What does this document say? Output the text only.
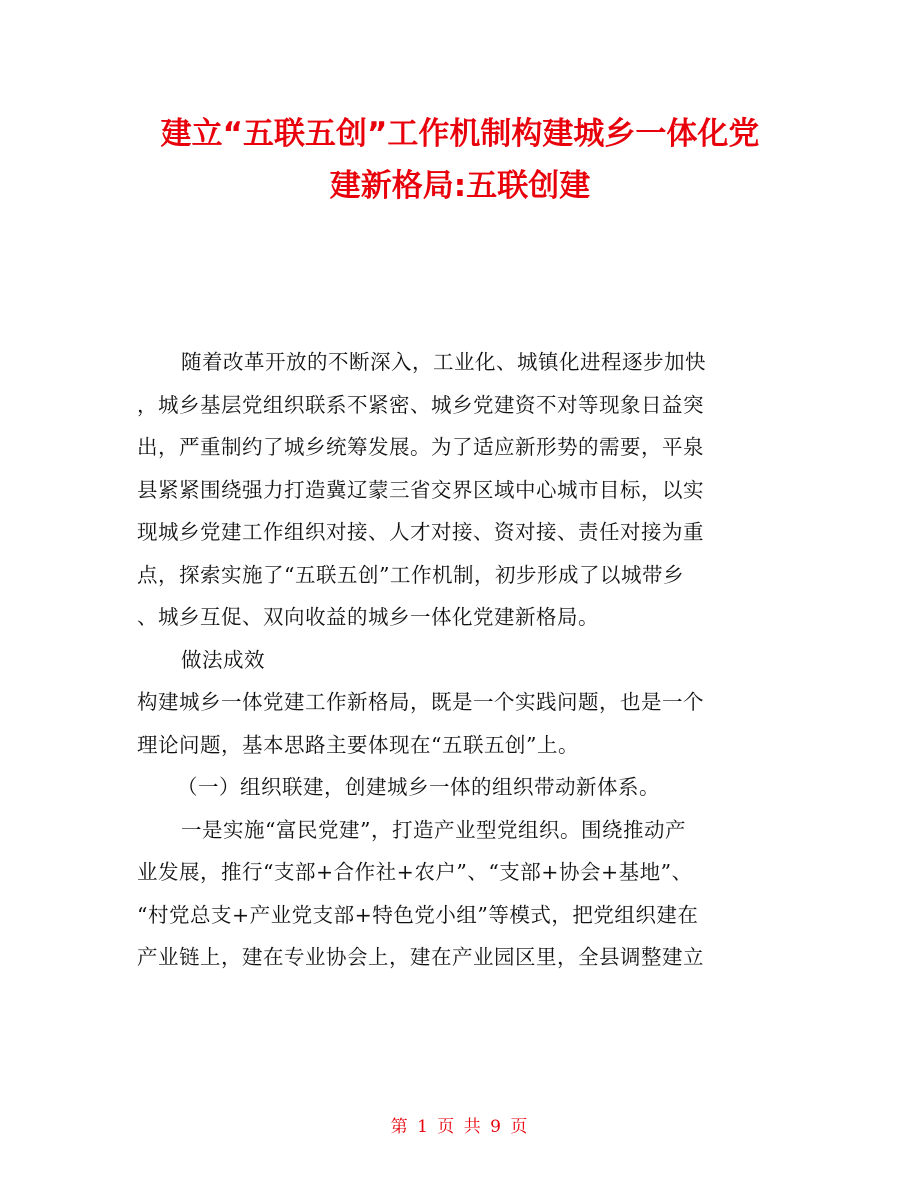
建立“五联五创”工作机制构建城乡一体化党
建新格局:五联创建
随着改革开放的不断深入，工业化、城镇化进程逐步加快
，城乡基层党组织联系不紧密、城乡党建资不对等现象日益突
出，严重制约了城乡统筹发展。为了适应新形势的需要，平泉
县紧紧围绕强力打造冀辽蒙三省交界区域中心城市目标，以实
现城乡党建工作组织对接、人才对接、资对接、责任对接为重
点，探索实施了“五联五创”工作机制，初步形成了以城带乡
、城乡互促、双向收益的城乡一体化党建新格局。
做法成效
构建城乡一体党建工作新格局，既是一个实践问题，也是一个
理论问题，基本思路主要体现在“五联五创”上。
（一）组织联建，创建城乡一体的组织带动新体系。
一是实施“富民党建”，打造产业型党组织。围绕推动产
业发展，推行“支部+合作社+农户”、“支部+协会+基地”、
“村党总支+产业党支部+特色党小组”等模式，把党组织建在
产业链上，建在专业协会上，建在产业园区里，全县调整建立
第 1 页 共 9 页
